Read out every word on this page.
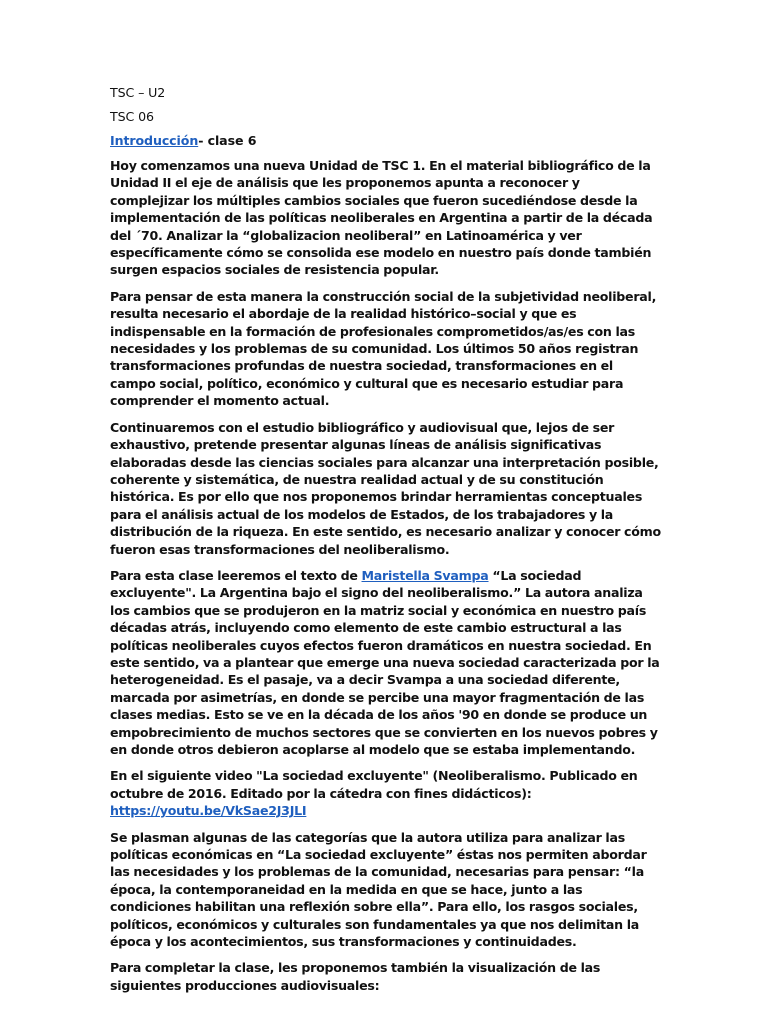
TSC – U2

TSC 06

Introducción- clase 6

Hoy comenzamos una nueva Unidad de TSC 1. En el material bibliográfico de la Unidad II el eje de análisis que les proponemos apunta a reconocer y complejizar los múltiples cambios sociales que fueron sucediéndose desde la implementación de las políticas neoliberales en Argentina a partir de la década del ´70. Analizar la “globalizacion neoliberal” en Latinoamérica y ver específicamente cómo se consolida ese modelo en nuestro país donde también surgen espacios sociales de resistencia popular.

Para pensar de esta manera la construcción social de la subjetividad neoliberal, resulta necesario el abordaje de la realidad histórico–social y que es indispensable en la formación de profesionales comprometidos/as/es con las necesidades y los problemas de su comunidad. Los últimos 50 años registran transformaciones profundas de nuestra sociedad, transformaciones en el campo social, político, económico y cultural que es necesario estudiar para comprender el momento actual.

Continuaremos con el estudio bibliográfico y audiovisual que, lejos de ser exhaustivo, pretende presentar algunas líneas de análisis significativas elaboradas desde las ciencias sociales para alcanzar una interpretación posible, coherente y sistemática, de nuestra realidad actual y de su constitución histórica. Es por ello que nos proponemos brindar herramientas conceptuales para el análisis actual de los modelos de Estados, de los trabajadores y la distribución de la riqueza. En este sentido, es necesario analizar y conocer cómo fueron esas transformaciones del neoliberalismo.

Para esta clase leeremos el texto de Maristella Svampa “La sociedad excluyente". La Argentina bajo el signo del neoliberalismo.” La autora analiza los cambios que se produjeron en la matriz social y económica en nuestro país décadas atrás, incluyendo como elemento de este cambio estructural a las políticas neoliberales cuyos efectos fueron dramáticos en nuestra sociedad. En este sentido, va a plantear que emerge una nueva sociedad caracterizada por la heterogeneidad. Es el pasaje, va a decir Svampa a una sociedad diferente, marcada por asimetrías, en donde se percibe una mayor fragmentación de las clases medias. Esto se ve en la década de los años '90 en donde se produce un empobrecimiento de muchos sectores que se convierten en los nuevos pobres y en donde otros debieron acoplarse al modelo que se estaba implementando.

En el siguiente video "La sociedad excluyente" (Neoliberalismo. Publicado en octubre de 2016. Editado por la cátedra con fines didácticos): https://youtu.be/VkSae2J3JLI

Se plasman algunas de las categorías que la autora utiliza para analizar las políticas económicas en “La sociedad excluyente” éstas nos permiten abordar las necesidades y los problemas de la comunidad, necesarias para pensar: “la época, la contemporaneidad en la medida en que se hace, junto a las condiciones habilitan una reflexión sobre ella”. Para ello, los rasgos sociales, políticos, económicos y culturales son fundamentales ya que nos delimitan la época y los acontecimientos, sus transformaciones y continuidades.

Para completar la clase, les proponemos también la visualización de las siguientes producciones audiovisuales:
